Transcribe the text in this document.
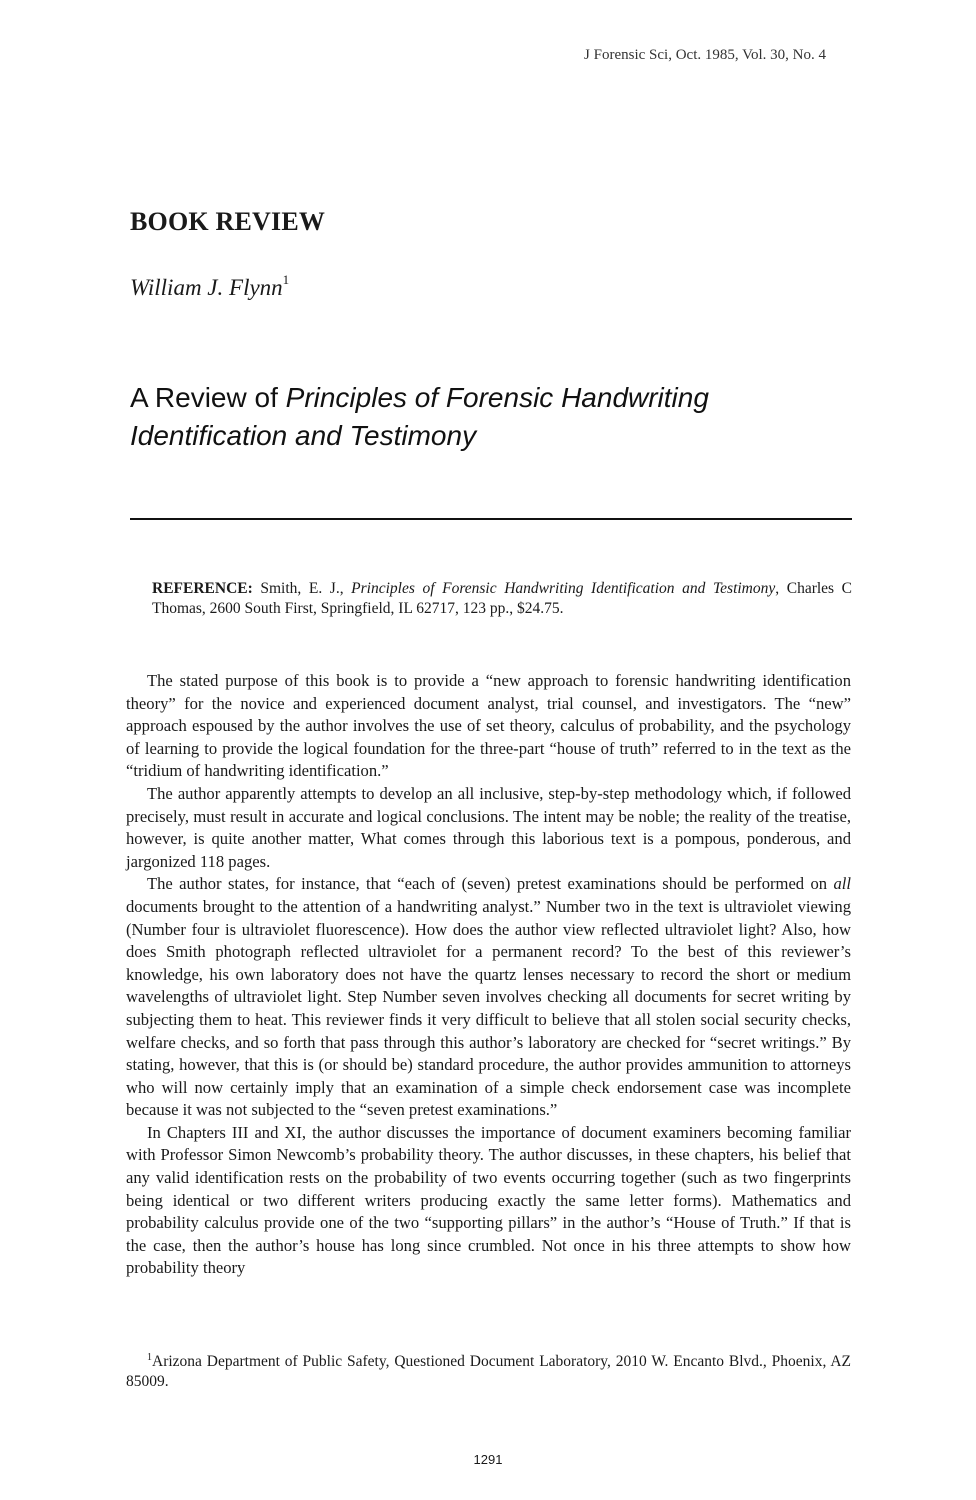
J Forensic Sci, Oct. 1985, Vol. 30, No. 4
BOOK REVIEW
William J. Flynn$^1$
A Review of Principles of Forensic Handwriting
Identification and Testimony
REFERENCE: Smith, E. J., Principles of Forensic Handwriting Identification and Testimony, Charles C Thomas, 2600 South First, Springfield, IL 62717, 123 pp., $24.75.

The stated purpose of this book is to provide a “new approach to forensic handwriting identification theory” for the novice and experienced document analyst, trial counsel, and investigators. The “new” approach espoused by the author involves the use of set theory, calculus of probability, and the psychology of learning to provide the logical foundation for the three-part “house of truth” referred to in the text as the “tridium of handwriting identification.”

The author apparently attempts to develop an all inclusive, step-by-step methodology which, if followed precisely, must result in accurate and logical conclusions. The intent may be noble; the reality of the treatise, however, is quite another matter, What comes through this laborious text is a pompous, ponderous, and jargonized 118 pages.

The author states, for instance, that “each of (seven) pretest examinations should be performed on all documents brought to the attention of a handwriting analyst.” Number two in the text is ultraviolet viewing (Number four is ultraviolet fluorescence). How does the author view reflected ultraviolet light? Also, how does Smith photograph reflected ultraviolet for a permanent record? To the best of this reviewer’s knowledge, his own laboratory does not have the quartz lenses necessary to record the short or medium wavelengths of ultraviolet light. Step Number seven involves checking all documents for secret writing by subjecting them to heat. This reviewer finds it very difficult to believe that all stolen social security checks, welfare checks, and so forth that pass through this author’s laboratory are checked for “secret writings.” By stating, however, that this is (or should be) standard procedure, the author provides ammunition to attorneys who will now certainly imply that an examination of a simple check endorsement case was incomplete because it was not subjected to the “seven pretest examinations.”

In Chapters III and XI, the author discusses the importance of document examiners becoming familiar with Professor Simon Newcomb’s probability theory. The author discusses, in these chapters, his belief that any valid identification rests on the probability of two events occurring together (such as two fingerprints being identical or two different writers producing exactly the same letter forms). Mathematics and probability calculus provide one of the two “supporting pillars” in the author’s “House of Truth.” If that is the case, then the author’s house has long since crumbled. Not once in his three attempts to show how probability theory

$^1$Arizona Department of Public Safety, Questioned Document Laboratory, 2010 W. Encanto Blvd., Phoenix, AZ 85009.
1291
